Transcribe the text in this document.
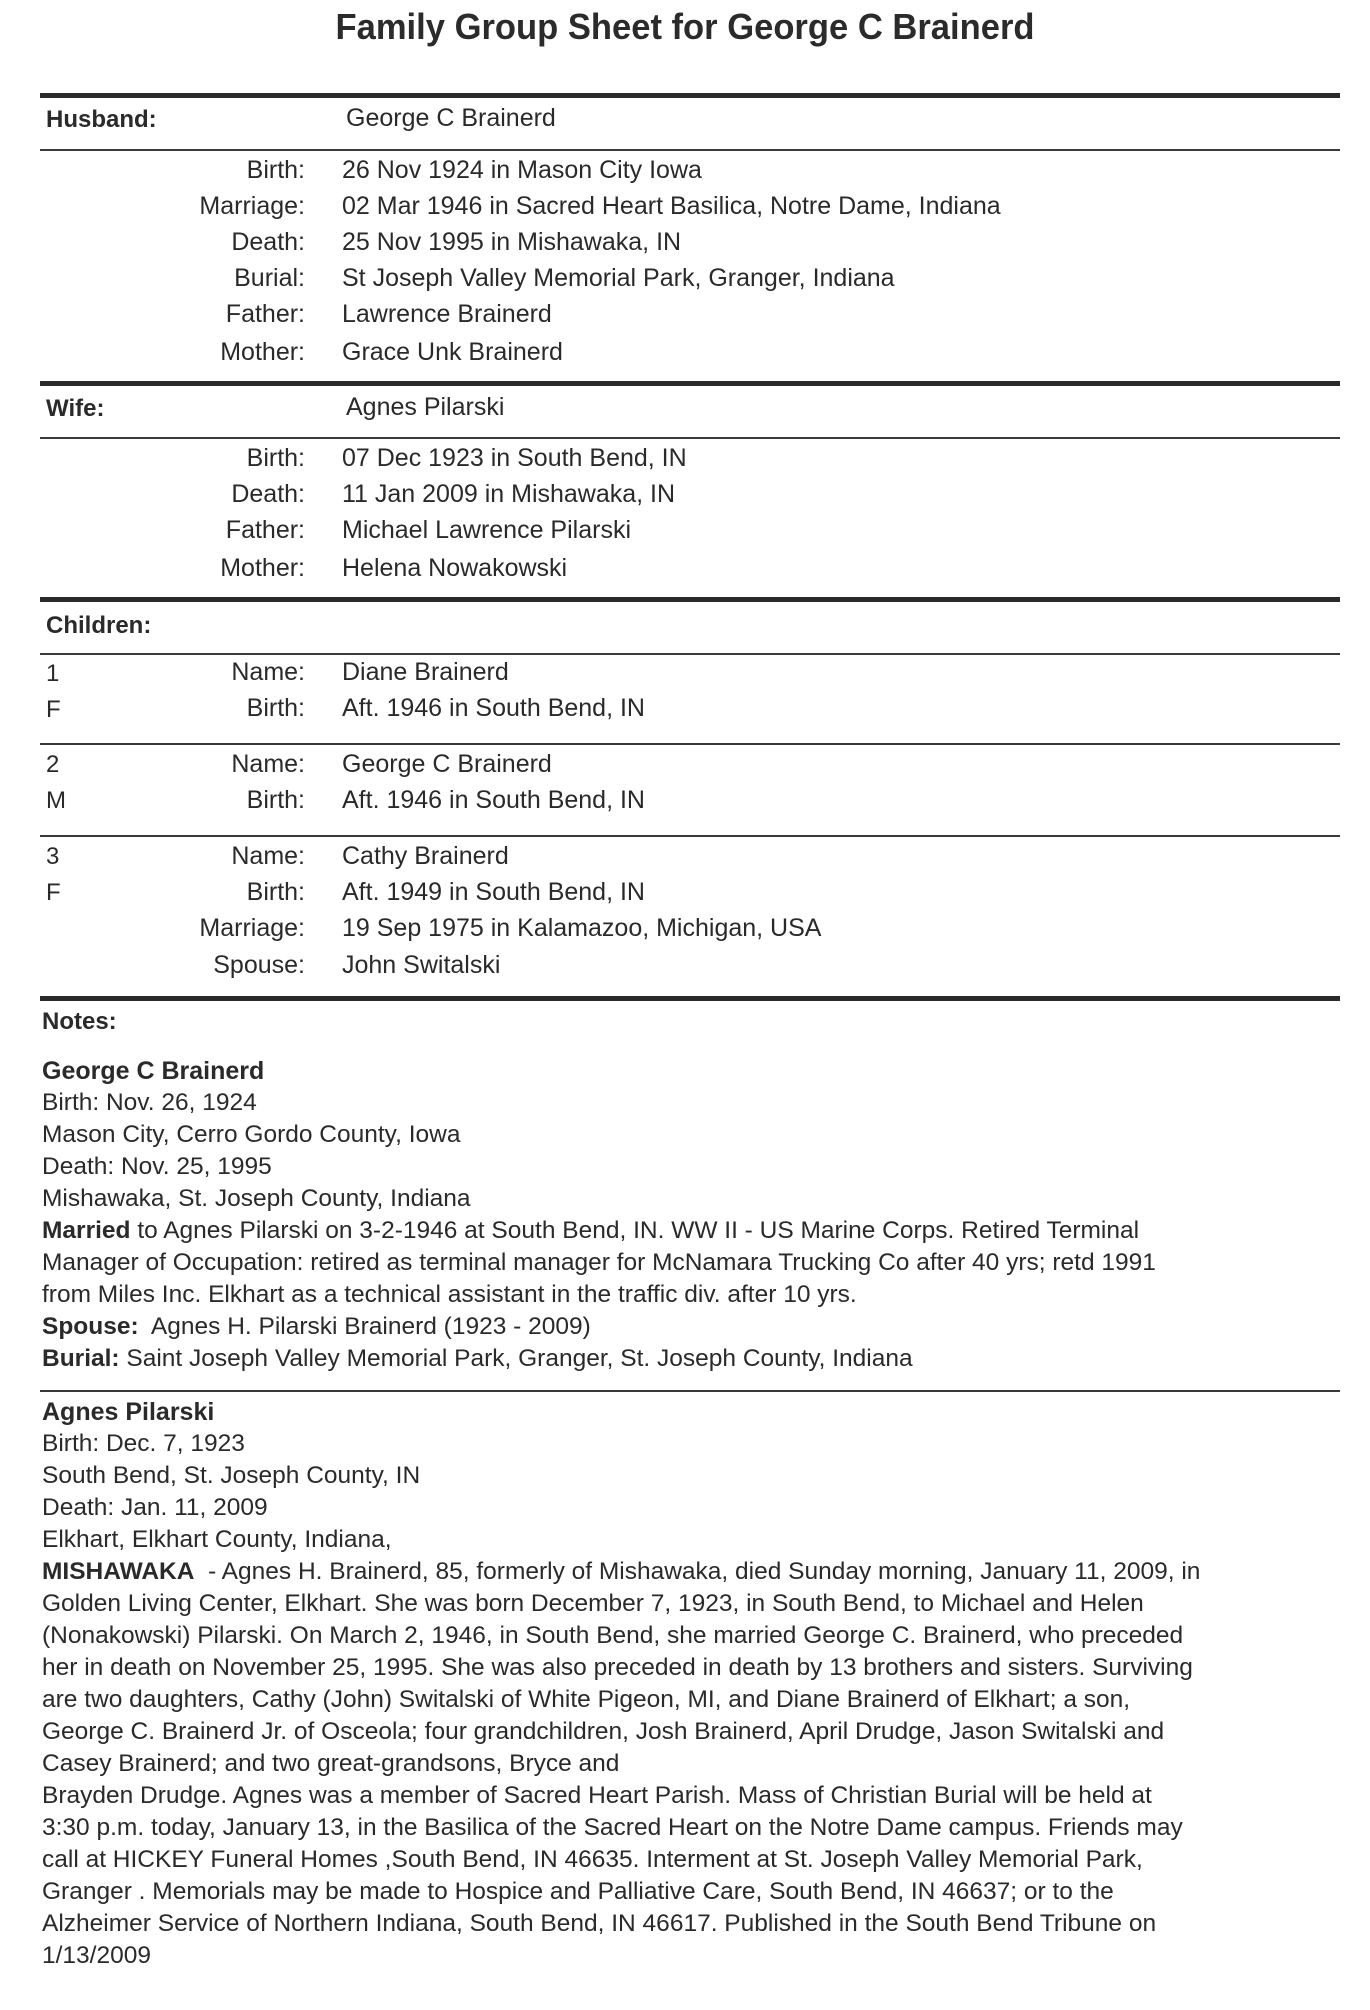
Family Group Sheet for George C Brainerd
Husband:	George C Brainerd
Birth: 26 Nov 1924 in Mason City Iowa
Marriage: 02 Mar 1946 in Sacred Heart Basilica, Notre Dame, Indiana
Death: 25 Nov 1995 in Mishawaka, IN
Burial: St Joseph Valley Memorial Park, Granger, Indiana
Father: Lawrence Brainerd
Mother: Grace Unk Brainerd
Wife:	Agnes Pilarski
Birth: 07 Dec 1923 in South Bend, IN
Death: 11 Jan 2009 in Mishawaka, IN
Father: Michael Lawrence Pilarski
Mother: Helena Nowakowski
Children:
1
F
Name: Diane Brainerd
Birth: Aft. 1946 in South Bend, IN
2
M
Name: George C Brainerd
Birth: Aft. 1946 in South Bend, IN
3
F
Name: Cathy Brainerd
Birth: Aft. 1949 in South Bend, IN
Marriage: 19 Sep 1975 in Kalamazoo, Michigan, USA
Spouse: John Switalski
Notes:
George C Brainerd
Birth: Nov. 26, 1924
Mason City, Cerro Gordo County, Iowa
Death: Nov. 25, 1995
Mishawaka, St. Joseph County, Indiana
Married to Agnes Pilarski on 3-2-1946 at South Bend, IN. WW II - US Marine Corps. Retired Terminal
Manager of Occupation: retired as terminal manager for McNamara Trucking Co after 40 yrs; retd 1991
from Miles Inc. Elkhart as a technical assistant in the traffic div. after 10 yrs.
Spouse:  Agnes H. Pilarski Brainerd (1923 - 2009)
Burial: Saint Joseph Valley Memorial Park, Granger, St. Joseph County, Indiana
Agnes Pilarski
Birth: Dec. 7, 1923
South Bend, St. Joseph County, IN
Death: Jan. 11, 2009
Elkhart, Elkhart County, Indiana,
MISHAWAKA  - Agnes H. Brainerd, 85, formerly of Mishawaka, died Sunday morning, January 11, 2009, in
Golden Living Center, Elkhart. She was born December 7, 1923, in South Bend, to Michael and Helen
(Nonakowski) Pilarski. On March 2, 1946, in South Bend, she married George C. Brainerd, who preceded
her in death on November 25, 1995. She was also preceded in death by 13 brothers and sisters. Surviving
are two daughters, Cathy (John) Switalski of White Pigeon, MI, and Diane Brainerd of Elkhart; a son,
George C. Brainerd Jr. of Osceola; four grandchildren, Josh Brainerd, April Drudge, Jason Switalski and
Casey Brainerd; and two great-grandsons, Bryce and
Brayden Drudge. Agnes was a member of Sacred Heart Parish. Mass of Christian Burial will be held at
3:30 p.m. today, January 13, in the Basilica of the Sacred Heart on the Notre Dame campus. Friends may
call at HICKEY Funeral Homes ,South Bend, IN 46635. Interment at St. Joseph Valley Memorial Park,
Granger . Memorials may be made to Hospice and Palliative Care, South Bend, IN 46637; or to the
Alzheimer Service of Northern Indiana, South Bend, IN 46617. Published in the South Bend Tribune on
1/13/2009
